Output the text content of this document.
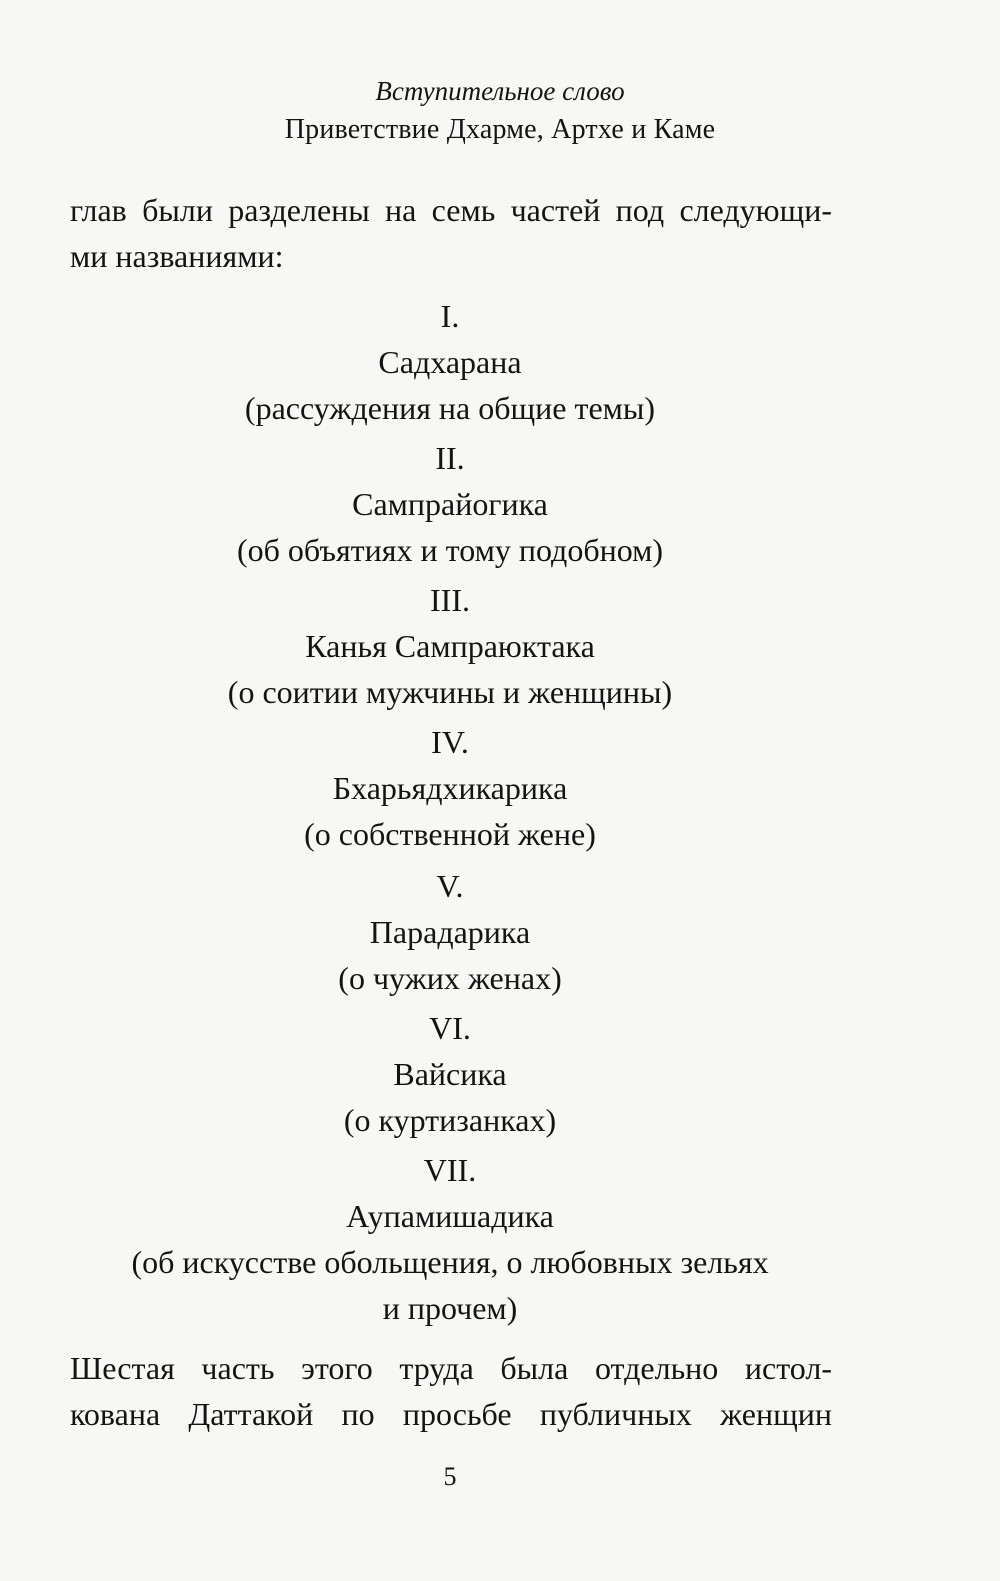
Вступительное слово
Приветствие Дхарме, Артхе и Каме
глав были разделены на семь частей под следующи-
ми названиями:
I.
Садхарана
(рассуждения на общие темы)
II.
Сампрайогика
(об объятиях и тому подобном)
III.
Канья Сампраюктака
(о соитии мужчины и женщины)
IV.
Бхарьядхикарика
(о собственной жене)
V.
Парадарика
(о чужих женах)
VI.
Вайсика
(о куртизанках)
VII.
Аупамишадика
(об искусстве обольщения, о любовных зельях
и прочем)
Шестая часть этого труда была отдельно истол-
кована Даттакой по просьбе публичных женщин
5
